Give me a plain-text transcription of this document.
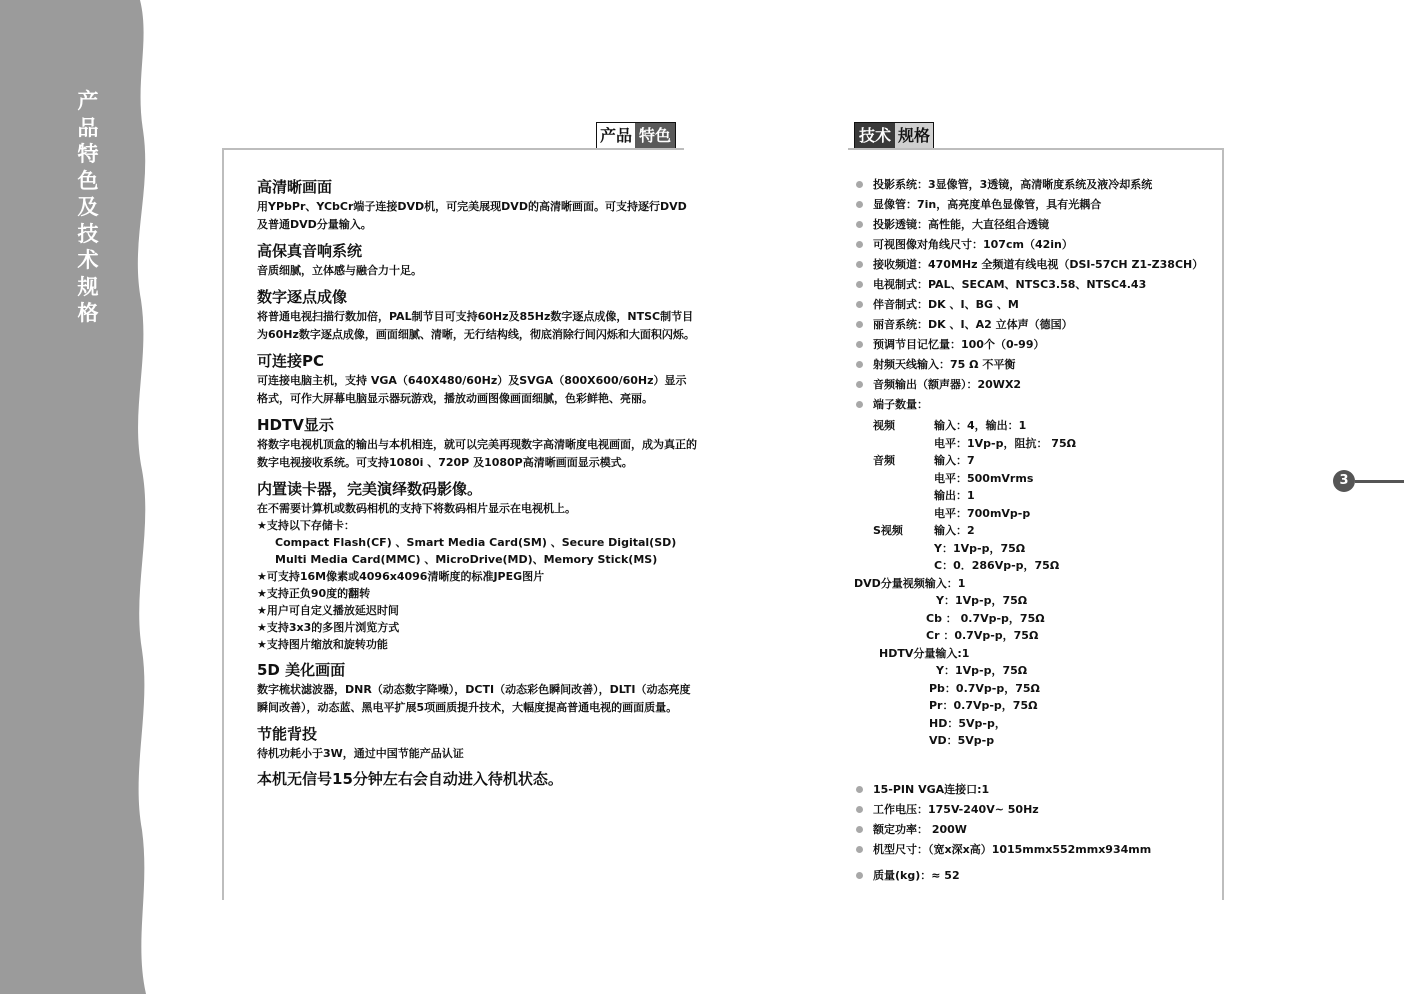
产
品
特
色
及
技
术
规
格
产品 特色	技术 规格

高清晰画面

用YPbPr、YCbCr端子连接DVD机，可完美展现DVD的高清晰画面。可支持逐行DVD及普通DVD分量输入。

高保真音响系统

音质细腻，立体感与融合力十足。

数字逐点成像

将普通电视扫描行数加倍，PAL制节目可支持60Hz及85Hz数字逐点成像，NTSC制节目为60Hz数字逐点成像，画面细腻、清晰，无行结构线，彻底消除行间闪烁和大面积闪烁。

可连接PC

可连接电脑主机，支持 VGA（640X480/60Hz）及SVGA（800X600/60Hz）显示格式，可作大屏幕电脑显示器玩游戏，播放动画图像画面细腻，色彩鲜艳、亮丽。

HDTV显示

将数字电视机顶盒的输出与本机相连，就可以完美再现数字高清晰度电视画面，成为真正的数字电视接收系统。可支持1080i 、720P 及1080P高清晰画面显示模式。

内置读卡器，完美演绎数码影像。

在不需要计算机或数码相机的支持下将数码相片显示在电视机上。
★支持以下存储卡：
Compact Flash(CF) 、Smart Media Card(SM) 、Secure Digital(SD)
Multi Media Card(MMC) 、MicroDrive(MD)、Memory Stick(MS)
★可支持16M像素或4096x4096清晰度的标准JPEG图片
★支持正负90度的翻转
★用户可自定义播放延迟时间
★支持3x3的多图片浏览方式
★支持图片缩放和旋转功能

5D 美化画面

数字梳状滤波器，DNR（动态数字降噪），DCTI（动态彩色瞬间改善），DLTI（动态亮度瞬间改善），动态蓝、黑电平扩展5项画质提升技术，大幅度提高普通电视的画面质量。

节能背投

待机功耗小于3W，通过中国节能产品认证

本机无信号15分钟左右会自动进入待机状态。
投影系统：3显像管，3透镜，高清晰度系统及液冷却系统
显像管：7in，高亮度单色显像管，具有光耦合
投影透镜：高性能，大直径组合透镜
可视图像对角线尺寸：107cm（42in）
接收频道：470MHz 全频道有线电视（DSI-57CH Z1-Z38CH）
电视制式：PAL、SECAM、NTSC3.58、NTSC4.43
伴音制式：DK 、I、BG 、M
丽音系统：DK 、I、A2 立体声（德国）
预调节目记忆量：100个（0-99）
射频天线输入：75 Ω 不平衡
音频输出（额声器）：20WX2
端子数量：
视频	输入：4，输出：1
电平：1Vp-p，阻抗： 75Ω
音频	输入：7
电平：500mVrms
输出：1
电平：700mVp-p
S视频	输入：2
Y：1Vp-p，75Ω
C：0．286Vp-p，75Ω
DVD分量视频输入：1
Y：1Vp-p，75Ω
Cb ： 0.7Vp-p，75Ω
Cr ：0.7Vp-p，75Ω
HDTV分量输入:1
Y：1Vp-p，75Ω
Pb：0.7Vp-p，75Ω
Pr：0.7Vp-p，75Ω
HD：5Vp-p，
VD：5Vp-p
15-PIN VGA连接口:1
工作电压：175V-240V~ 50Hz
额定功率： 200W
机型尺寸：（宽x深x高）1015mmx552mmx934mm
质量(kg)：≈ 52
3
